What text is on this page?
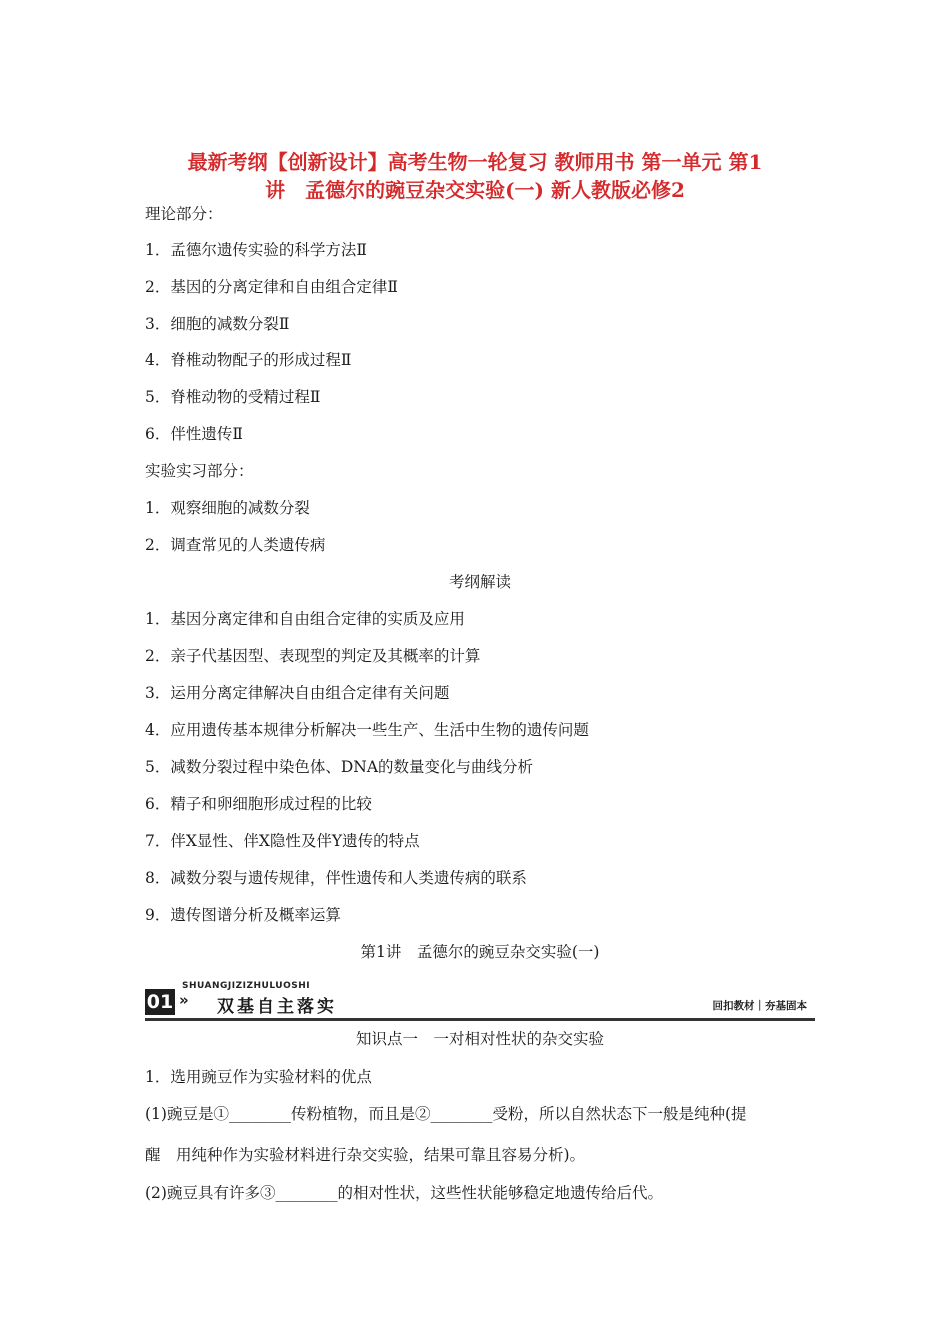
最新考纲【创新设计】高考生物一轮复习 教师用书 第一单元 第1
讲　孟德尔的豌豆杂交实验(一) 新人教版必修2
理论部分：
1．孟德尔遗传实验的科学方法Ⅱ
2．基因的分离定律和自由组合定律Ⅱ
3．细胞的减数分裂Ⅱ
4．脊椎动物配子的形成过程Ⅱ
5．脊椎动物的受精过程Ⅱ
6．伴性遗传Ⅱ
实验实习部分：
1．观察细胞的减数分裂
2．调查常见的人类遗传病
考纲解读
1．基因分离定律和自由组合定律的实质及应用
2．亲子代基因型、表现型的判定及其概率的计算
3．运用分离定律解决自由组合定律有关问题
4．应用遗传基本规律分析解决一些生产、生活中生物的遗传问题
5．减数分裂过程中染色体、DNA的数量变化与曲线分析
6．精子和卵细胞形成过程的比较
7．伴X显性、伴X隐性及伴Y遗传的特点
8．减数分裂与遗传规律，伴性遗传和人类遗传病的联系
9．遗传图谱分析及概率运算
第1讲　孟德尔的豌豆杂交实验(一)
SHUANGJIZIZHULUOSHI
01 » 双基自主落实	回扣教材｜夯基固本
知识点一　一对相对性状的杂交实验
1．选用豌豆作为实验材料的优点
(1)豌豆是①________传粉植物，而且是②________受粉，所以自然状态下一般是纯种(提
醒　用纯种作为实验材料进行杂交实验，结果可靠且容易分析)。
(2)豌豆具有许多③________的相对性状，这些性状能够稳定地遗传给后代。
